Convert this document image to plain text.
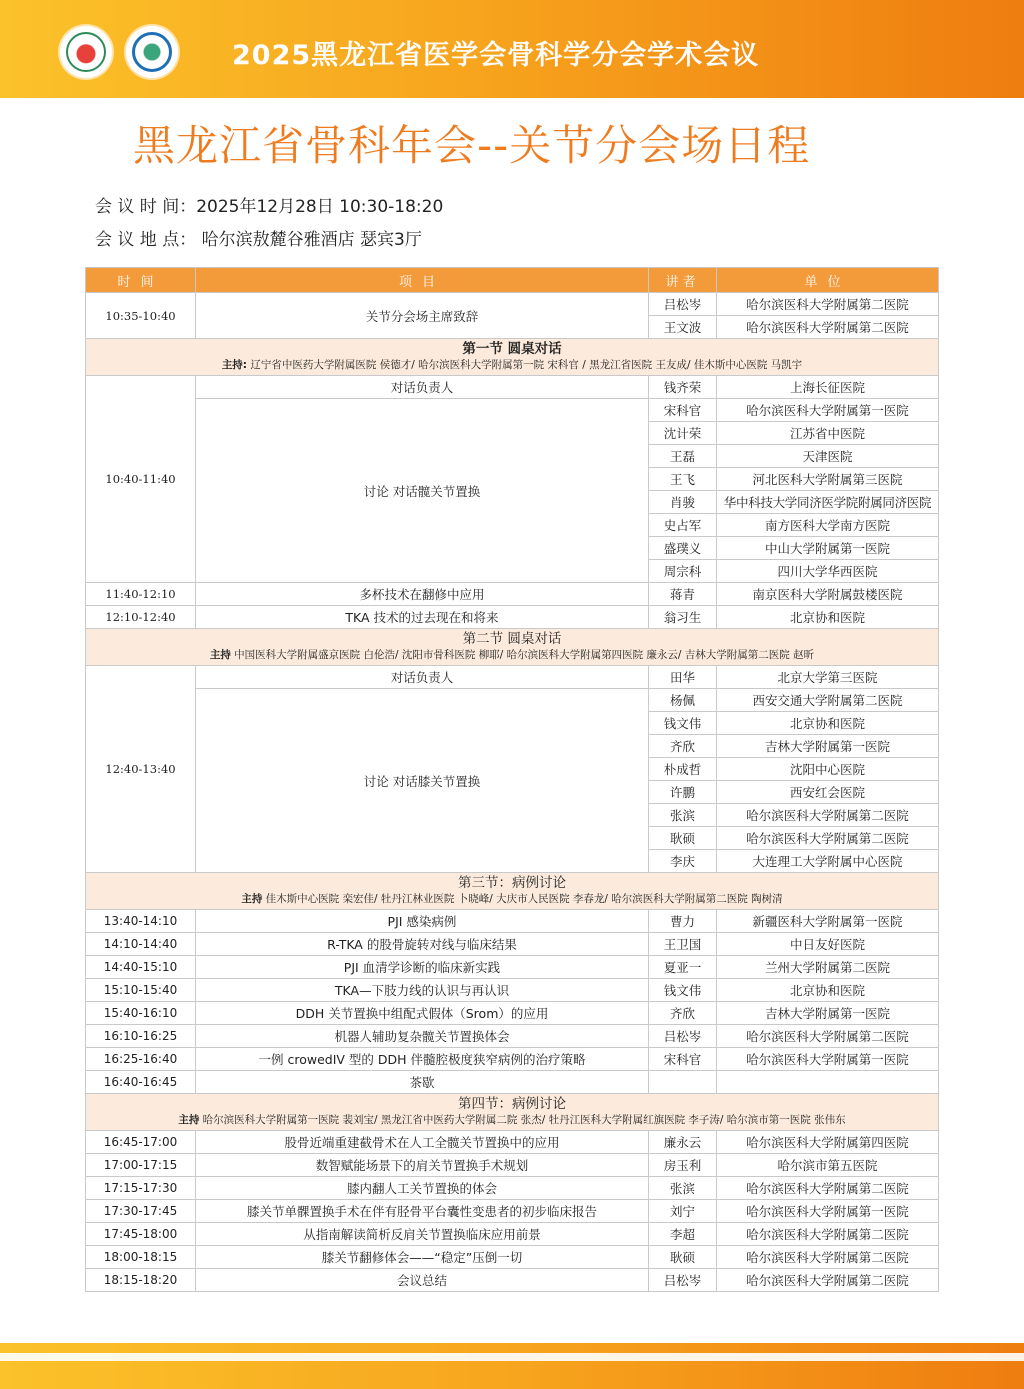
2025黑龙江省医学会骨科学分会学术会议
黑龙江省骨科年会--关节分会场日程
会 议 时 间：2025年12月28日 10:30-18:20
会 议 地 点： 哈尔滨敖麓谷雅酒店 瑟宾3厅
时间	项目	讲者	单位
10:35-10:40	关节分会场主席致辞	吕松岑	哈尔滨医科大学附属第二医院
		王文波	哈尔滨医科大学附属第二医院

第一节 圆桌对话
主持: 辽宁省中医药大学附属医院 侯德才/ 哈尔滨医科大学附属第一院 宋科官 / 黑龙江省医院 王友成/ 佳木斯中心医院 马凯宇			

10:40-11:40	对话负责人	钱齐荣	上海长征医院
	讨论 对话髋关节置换	宋科官	哈尔滨医科大学附属第一医院
		沈计荣	江苏省中医院
		王磊	天津医院
		王飞	河北医科大学附属第三医院
		肖骏	华中科技大学同济医学院附属同济医院
		史占军	南方医科大学南方医院
		盛璞义	中山大学附属第一医院
		周宗科	四川大学华西医院
11:40-12:10	多杯技术在翻修中应用	蒋青	南京医科大学附属鼓楼医院
12:10-12:40	TKA 技术的过去现在和将来	翁习生	北京协和医院

第二节 圆桌对话
主持 中国医科大学附属盛京医院 白伦浩/ 沈阳市骨科医院 柳耶/ 哈尔滨医科大学附属第四医院 廉永云/ 吉林大学附属第二医院 赵昕			

12:40-13:40	对话负责人	田华	北京大学第三医院
	讨论 对话膝关节置换	杨佩	西安交通大学附属第二医院
		钱文伟	北京协和医院
		齐欣	吉林大学附属第一医院
		朴成哲	沈阳中心医院
		许鹏	西安红会医院
		张滨	哈尔滨医科大学附属第二医院
		耿硕	哈尔滨医科大学附属第二医院
		李庆	大连理工大学附属中心医院

第三节：病例讨论
主持 佳木斯中心医院 栾宏佳/ 牡丹江林业医院 卜晓峰/ 大庆市人民医院 李春龙/ 哈尔滨医科大学附属第二医院 陶树清			

13:40-14:10	PJI 感染病例	曹力	新疆医科大学附属第一医院
14:10-14:40	R-TKA 的股骨旋转对线与临床结果	王卫国	中日友好医院
14:40-15:10	PJI 血清学诊断的临床新实践	夏亚一	兰州大学附属第二医院
15:10-15:40	TKA—下肢力线的认识与再认识	钱文伟	北京协和医院
15:40-16:10	DDH 关节置换中组配式假体（Srom）的应用	齐欣	吉林大学附属第一医院
16:10-16:25	机器人辅助复杂髋关节置换体会	吕松岑	哈尔滨医科大学附属第二医院
16:25-16:40	一例 crowedIV 型的 DDH 伴髓腔极度狭窄病例的治疗策略	宋科官	哈尔滨医科大学附属第一医院
16:40-16:45	茶歇		

第四节：病例讨论
主持 哈尔滨医科大学附属第一医院 裴刘宝/ 黑龙江省中医药大学附属二院 张杰/ 牡丹江医科大学附属红旗医院 李子涛/ 哈尔滨市第一医院 张伟东			

16:45-17:00	股骨近端重建截骨术在人工全髋关节置换中的应用	廉永云	哈尔滨医科大学附属第四医院
17:00-17:15	数智赋能场景下的肩关节置换手术规划	房玉利	哈尔滨市第五医院
17:15-17:30	膝内翻人工关节置换的体会	张滨	哈尔滨医科大学附属第二医院
17:30-17:45	膝关节单髁置换手术在伴有胫骨平台囊性变患者的初步临床报告	刘宁	哈尔滨医科大学附属第一医院
17:45-18:00	从指南解读简析反肩关节置换临床应用前景	李超	哈尔滨医科大学附属第二医院
18:00-18:15	膝关节翻修体会——“稳定”压倒一切	耿硕	哈尔滨医科大学附属第二医院
18:15-18:20	会议总结	吕松岑	哈尔滨医科大学附属第二医院
